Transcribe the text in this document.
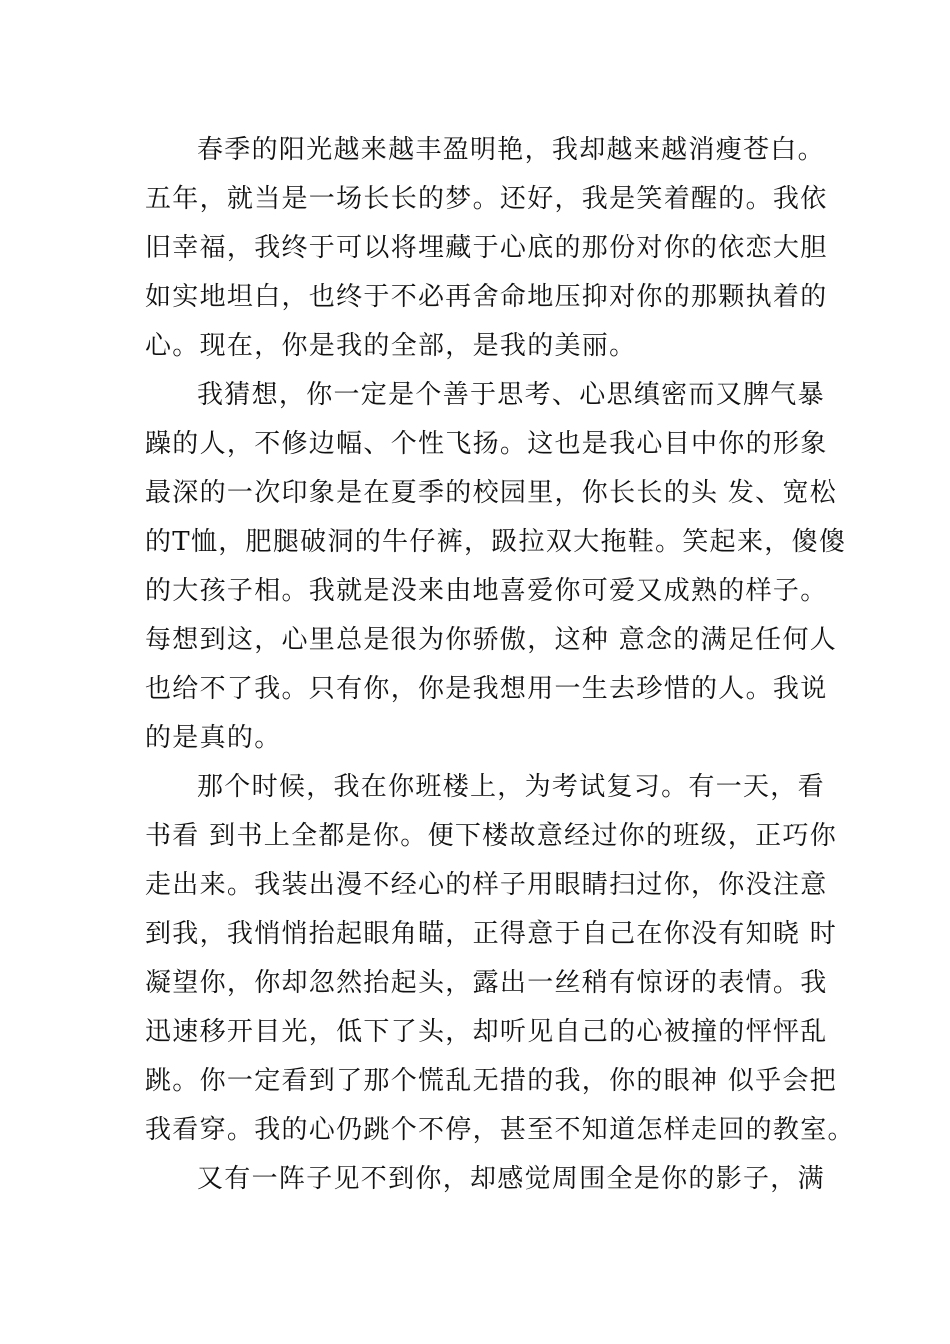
春季的阳光越来越丰盈明艳，我却越来越消瘦苍白。
五年，就当是一场长长的梦。还好，我是笑着醒的。我依
旧幸福，我终于可以将埋藏于心底的那份对你的依恋大胆
如实地坦白，也终于不必再舍命地压抑对你的那颗执着的
心。现在，你是我的全部，是我的美丽。
我猜想，你一定是个善于思考、心思缜密而又脾气暴
躁的人，不修边幅、个性飞扬。这也是我心目中你的形象
最深的一次印象是在夏季的校园里，你长长的头 发、宽松
的T恤，肥腿破洞的牛仔裤，趿拉双大拖鞋。笑起来，傻傻
的大孩子相。我就是没来由地喜爱你可爱又成熟的样子。
每想到这，心里总是很为你骄傲，这种 意念的满足任何人
也给不了我。只有你，你是我想用一生去珍惜的人。我说
的是真的。
那个时候，我在你班楼上，为考试复习。有一天，看
书看 到书上全都是你。便下楼故意经过你的班级，正巧你
走出来。我装出漫不经心的样子用眼睛扫过你，你没注意
到我，我悄悄抬起眼角瞄，正得意于自己在你没有知晓 时
凝望你，你却忽然抬起头，露出一丝稍有惊讶的表情。我
迅速移开目光，低下了头，却听见自己的心被撞的怦怦乱
跳。你一定看到了那个慌乱无措的我，你的眼神 似乎会把
我看穿。我的心仍跳个不停，甚至不知道怎样走回的教室。
又有一阵子见不到你，却感觉周围全是你的影子，满
